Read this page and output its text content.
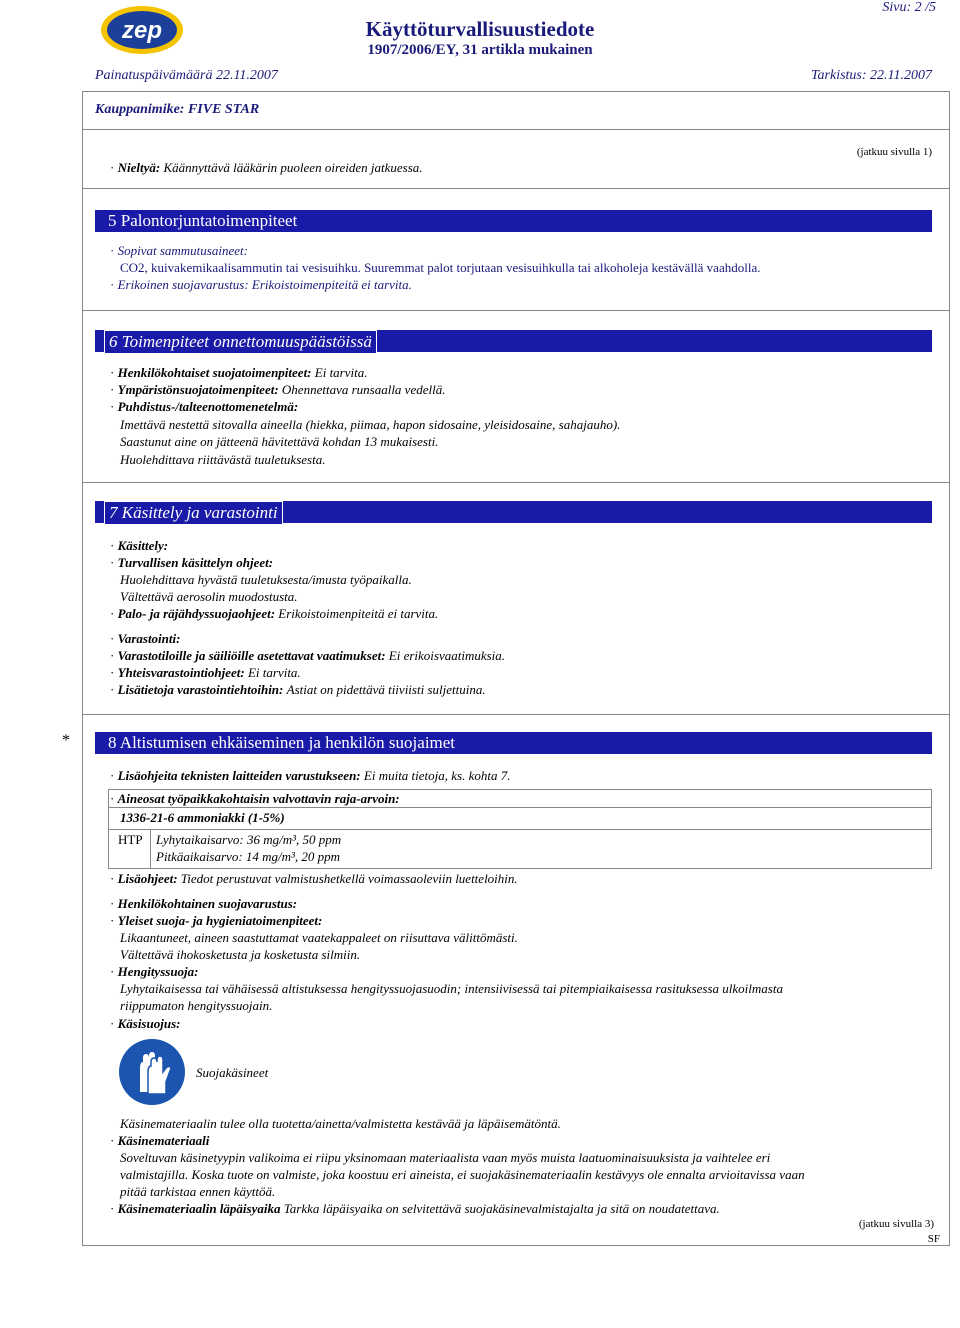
zep	Käyttöturvallisuustiedote
1907/2006/EY, 31 artikla mukainen
Sivu: 2 /5
Painatuspäivämäärä 22.11.2007	Tarkistus: 22.11.2007
Kauppanimike: FIVE STAR
(jatkuu sivulla 1)
· Nieltyä: Käännyttävä lääkärin puoleen oireiden jatkuessa.
5 Palontorjuntatoimenpiteet
· Sopivat sammutusaineet:
CO2, kuivakemikaalisammutin tai vesisuihku. Suuremmat palot torjutaan vesisuihkulla tai alkoholeja kestävällä vaahdolla.
· Erikoinen suojavarustus: Erikoistoimenpiteitä ei tarvita.
6 Toimenpiteet onnettomuuspäästöissä
· Henkilökohtaiset suojatoimenpiteet: Ei tarvita.
· Ympäristönsuojatoimenpiteet: Ohennettava runsaalla vedellä.
· Puhdistus-/talteenottomenetelmä:
Imettävä nestettä sitovalla aineella (hiekka, piimaa, hapon sidosaine, yleisidosaine, sahajauho).
Saastunut aine on jätteenä hävitettävä kohdan 13 mukaisesti.
Huolehdittava riittävästä tuuletuksesta.
7 Käsittely ja varastointi
· Käsittely:
· Turvallisen käsittelyn ohjeet:
Huolehdittava hyvästä tuuletuksesta/imusta työpaikalla.
Vältettävä aerosolin muodostusta.
· Palo- ja räjähdyssuojaohjeet: Erikoistoimenpiteitä ei tarvita.
· Varastointi:
· Varastotiloille ja säiliöille asetettavat vaatimukset: Ei erikoisvaatimuksia.
· Yhteisvarastointiohjeet: Ei tarvita.
· Lisätietoja varastointiehtoihin: Astiat on pidettävä tiiviisti suljettuina.
*	8 Altistumisen ehkäiseminen ja henkilön suojaimet
· Lisäohjeita teknisten laitteiden varustukseen: Ei muita tietoja, ks. kohta 7.
· Aineosat työpaikkakohtaisin valvottavin raja-arvoin:
1336-21-6 ammoniakki (1-5%)
HTP Lyhytaikaisarvo: 36 mg/m³, 50 ppm
Pitkäaikaisarvo: 14 mg/m³, 20 ppm
· Lisäohjeet: Tiedot perustuvat valmistushetkellä voimassaoleviin luetteloihin.
· Henkilökohtainen suojavarustus:
· Yleiset suoja- ja hygieniatoimenpiteet:
Likaantuneet, aineen saastuttamat vaatekappaleet on riisuttava välittömästi.
Vältettävä ihokosketusta ja kosketusta silmiin.
· Hengityssuoja:
Lyhytaikaisessa tai vähäisessä altistuksessa hengityssuojasuodin; intensiivisessä tai pitempiaikaisessa rasituksessa ulkoilmasta
riippumaton hengityssuojain.
· Käsisuojus:
Suojakäsineet
Käsinemateriaalin tulee olla tuotetta/ainetta/valmistetta kestävää ja läpäisemätöntä.
· Käsinemateriaali
Soveltuvan käsinetyypin valikoima ei riipu yksinomaan materiaalista vaan myös muista laatuominaisuuksista ja vaihtelee eri
valmistajilla. Koska tuote on valmiste, joka koostuu eri aineista, ei suojakäsinemateriaalin kestävyys ole ennalta arvioitavissa vaan
pitää tarkistaa ennen käyttöä.
· Käsinemateriaalin läpäisyaika Tarkka läpäisyaika on selvitettävä suojakäsinevalmistajalta ja sitä on noudatettava.
(jatkuu sivulla 3)
SF
